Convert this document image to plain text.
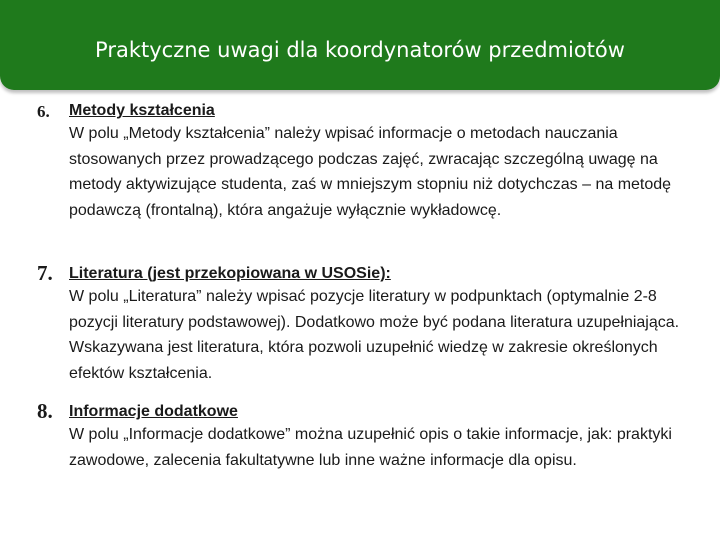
Praktyczne uwagi dla koordynatorów przedmiotów
6. Metody kształcenia
W polu „Metody kształcenia” należy wpisać informacje o metodach nauczania stosowanych przez prowadzącego podczas zajęć, zwracając szczególną uwagę na metody aktywizujące studenta, zaś w mniejszym stopniu niż dotychczas – na metodę podawczą (frontalną), która angażuje wyłącznie wykładowcę.
7. Literatura (jest przekopiowana w USOSie):
W polu „Literatura” należy wpisać pozycje literatury w podpunktach (optymalnie 2-8 pozycji literatury podstawowej). Dodatkowo może być podana literatura uzupełniająca. Wskazywana jest literatura, która pozwoli uzupełnić wiedzę w zakresie określonych efektów kształcenia.
8. Informacje dodatkowe
W polu „Informacje dodatkowe” można uzupełnić opis o takie informacje, jak: praktyki zawodowe, zalecenia fakultatywne lub inne ważne informacje dla opisu.
